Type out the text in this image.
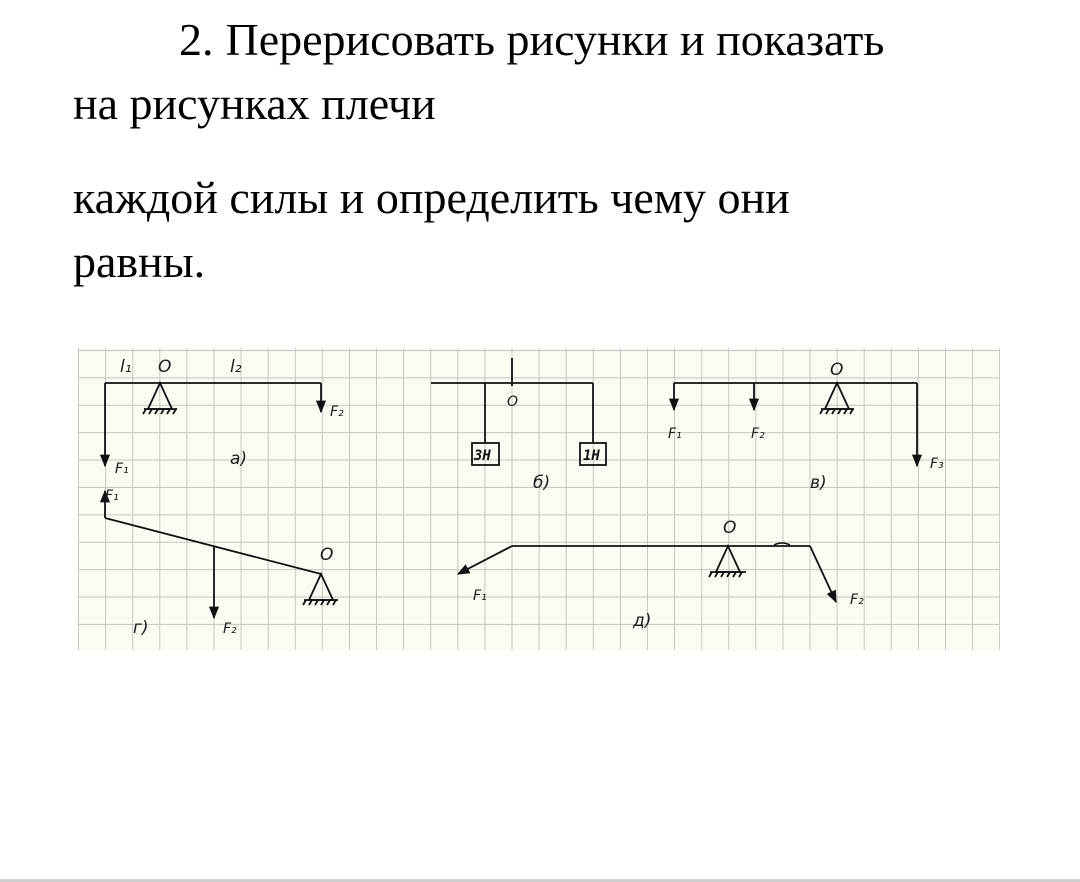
2. Перерисовать рисунки и показать

на рисунках плечи

каждой силы и определить чему они

равны.

l₁ O	l₂
F₂
F₁	а)
O
3Н	1Н
б)
O
F₁	F₂
F₃
в)
F₁
O
F₂
г)
O
F₁	F₂
д)
